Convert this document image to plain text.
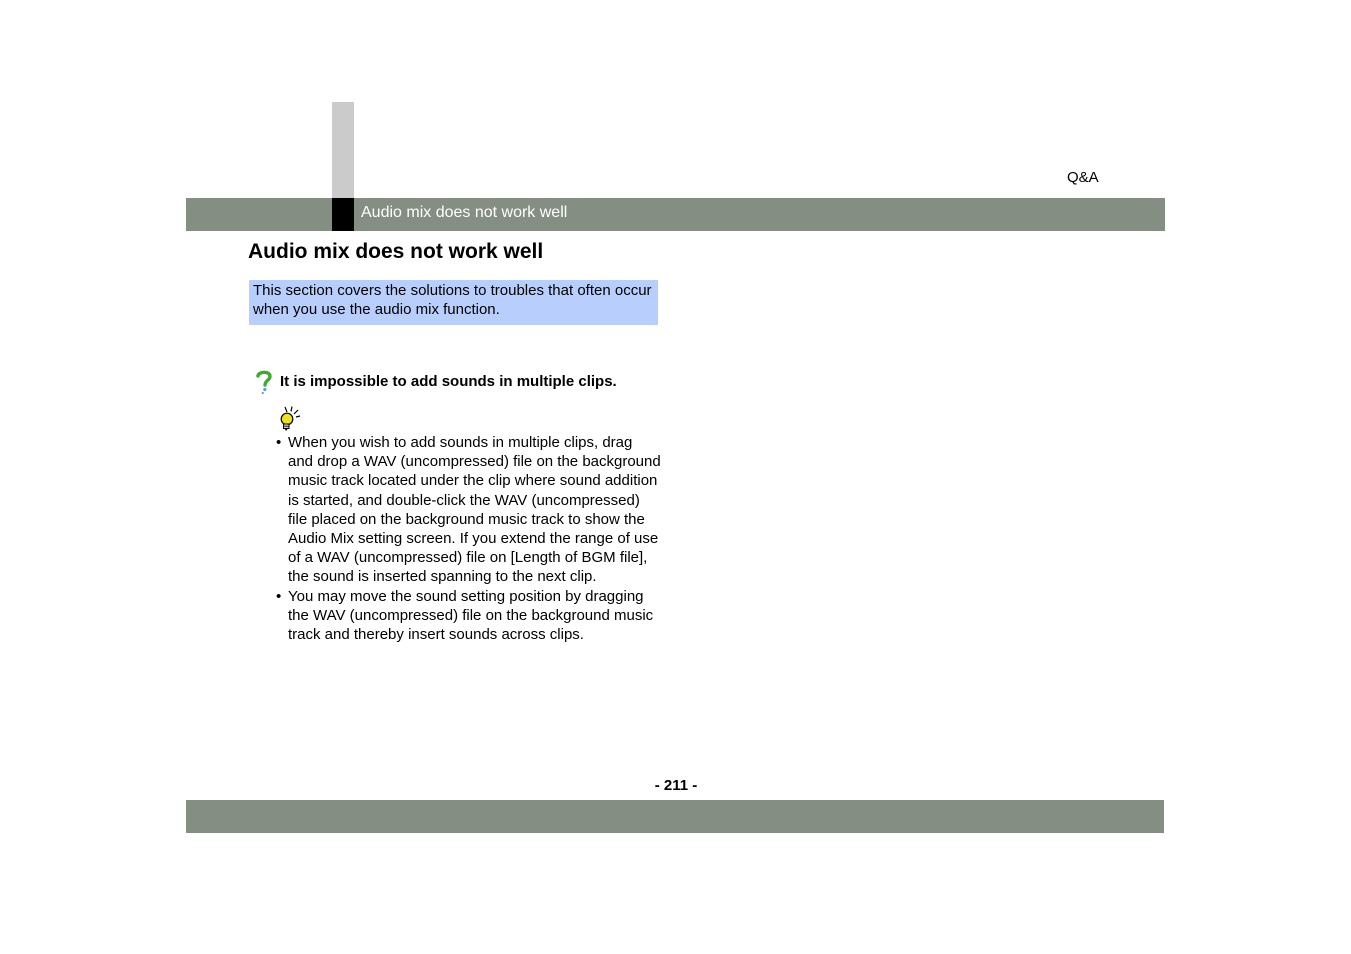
Q&A
Audio mix does not work well
Audio mix does not work well
This section covers the solutions to troubles that often occur when you use the audio mix function.
It is impossible to add sounds in multiple clips.
• When you wish to add sounds in multiple clips, drag and drop a WAV (uncompressed) file on the background music track located under the clip where sound addition is started, and double-click the WAV (uncompressed) file placed on the background music track to show the Audio Mix setting screen. If you extend the range of use of a WAV (uncompressed) file on [Length of BGM file], the sound is inserted spanning to the next clip.
• You may move the sound setting position by dragging the WAV (uncompressed) file on the background music track and thereby insert sounds across clips.
- 211 -
